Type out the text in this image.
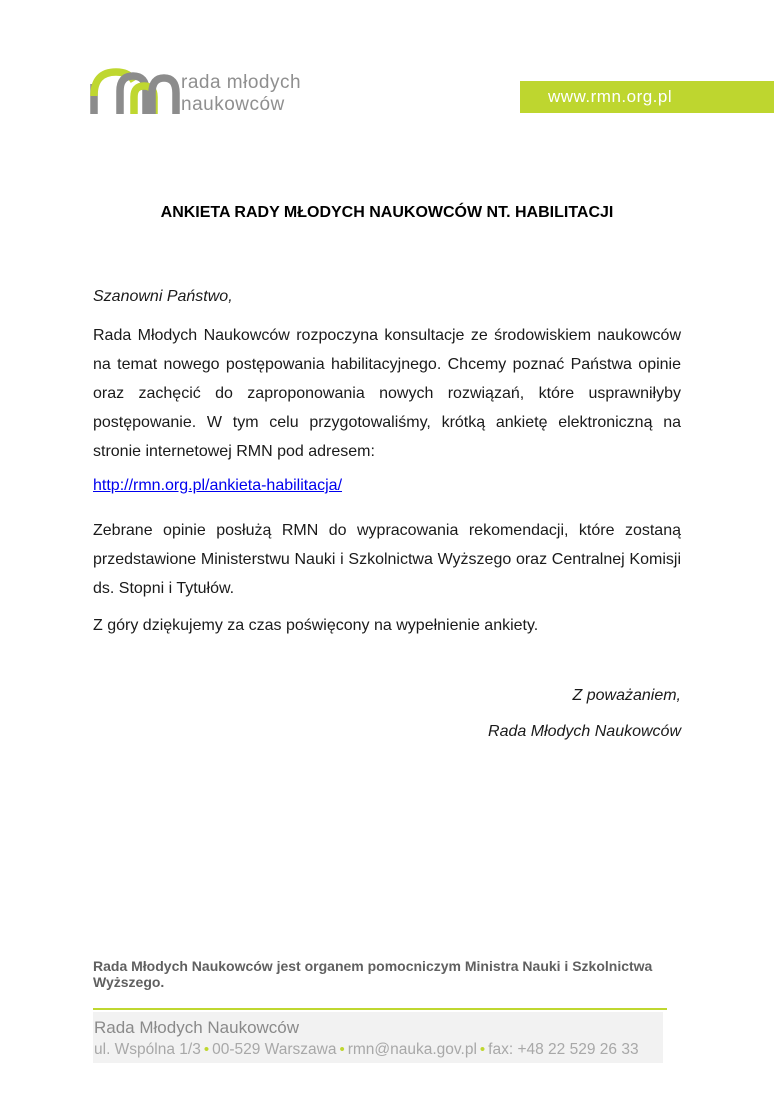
rada młodych
naukowców	www.rmn.org.pl
ANKIETA RADY MŁODYCH NAUKOWCÓW NT. HABILITACJI
Szanowni Państwo,
Rada Młodych Naukowców rozpoczyna konsultacje ze środowiskiem naukowców na temat nowego postępowania habilitacyjnego. Chcemy poznać Państwa opinie oraz zachęcić do zaproponowania nowych rozwiązań, które usprawniłyby postępowanie. W tym celu przygotowaliśmy, krótką ankietę elektroniczną na stronie internetowej RMN pod adresem:
http://rmn.org.pl/ankieta-habilitacja/
Zebrane opinie posłużą RMN do wypracowania rekomendacji, które zostaną przedstawione Ministerstwu Nauki i Szkolnictwa Wyższego oraz Centralnej Komisji ds. Stopni i Tytułów.
Z góry dziękujemy za czas poświęcony na wypełnienie ankiety.
Z poważaniem,
Rada Młodych Naukowców
Rada Młodych Naukowców jest organem pomocniczym Ministra Nauki i Szkolnictwa Wyższego.
Rada Młodych Naukowców
ul. Wspólna 1/3 • 00-529 Warszawa • rmn@nauka.gov.pl • fax: +48 22 529 26 33
